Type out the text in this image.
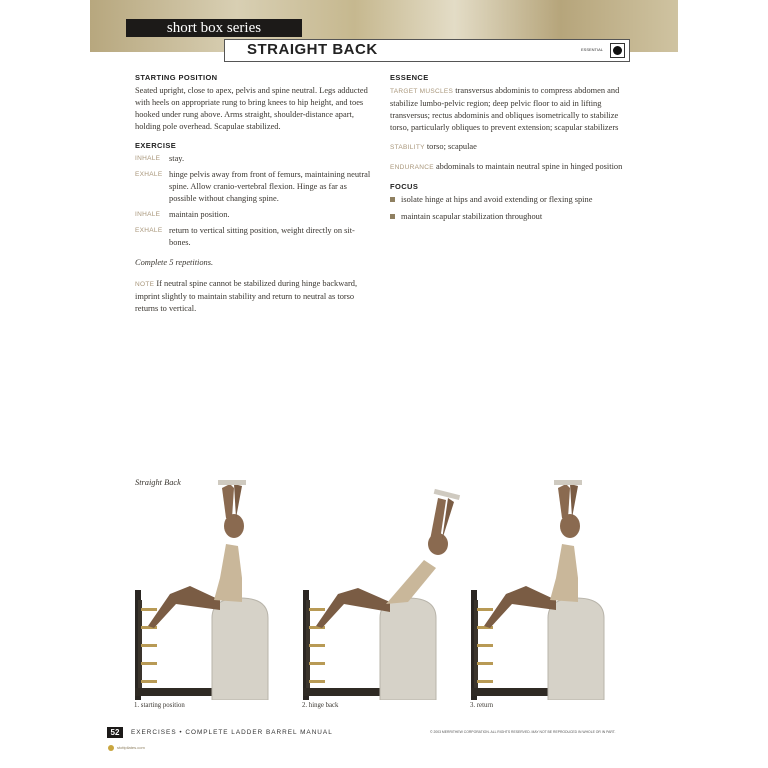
short box series
STRAIGHT BACK	ESSENTIAL
STARTING POSITION

Seated upright, close to apex, pelvis and spine neutral. Legs adducted with heels on appropriate rung to bring knees to hip height, and toes hooked under rung above. Arms straight, shoulder-distance apart, holding pole overhead. Scapulae stabilized.

EXERCISE
INHALE	stay.
EXHALE hinge pelvis away from front of femurs, maintaining neutral spine. Allow cranio-vertebral flexion. Hinge as far as possible without changing spine.
INHALE	maintain position.
EXHALE return to vertical sitting position, weight directly on sit-bones.
Complete 5 repetitions.
NOTE If neutral spine cannot be stabilized during hinge backward, imprint slightly to maintain stability and return to neutral as torso returns to vertical.
ESSENCE
TARGET MUSCLES transversus abdominis to compress abdomen and stabilize lumbo-pelvic region; deep pelvic floor to aid in lifting transversus; rectus abdominis and obliques isometrically to stabilize torso, particularly obliques to prevent extension; scapular stabilizers
STABILITY torso; scapulae
ENDURANCE abdominals to maintain neutral spine in hinged position
FOCUS
isolate hinge at hips and avoid extending or flexing spine
maintain scapular stabilization throughout
Straight Back
1. starting position	2. hinge back	3. return
52	EXERCISES • COMPLETE LADDER BARREL MANUAL	© 2003 MERRITHEW CORPORATION. ALL RIGHTS RESERVED. MAY NOT BE REPRODUCED IN WHOLE OR IN PART.
stottpilates.com
